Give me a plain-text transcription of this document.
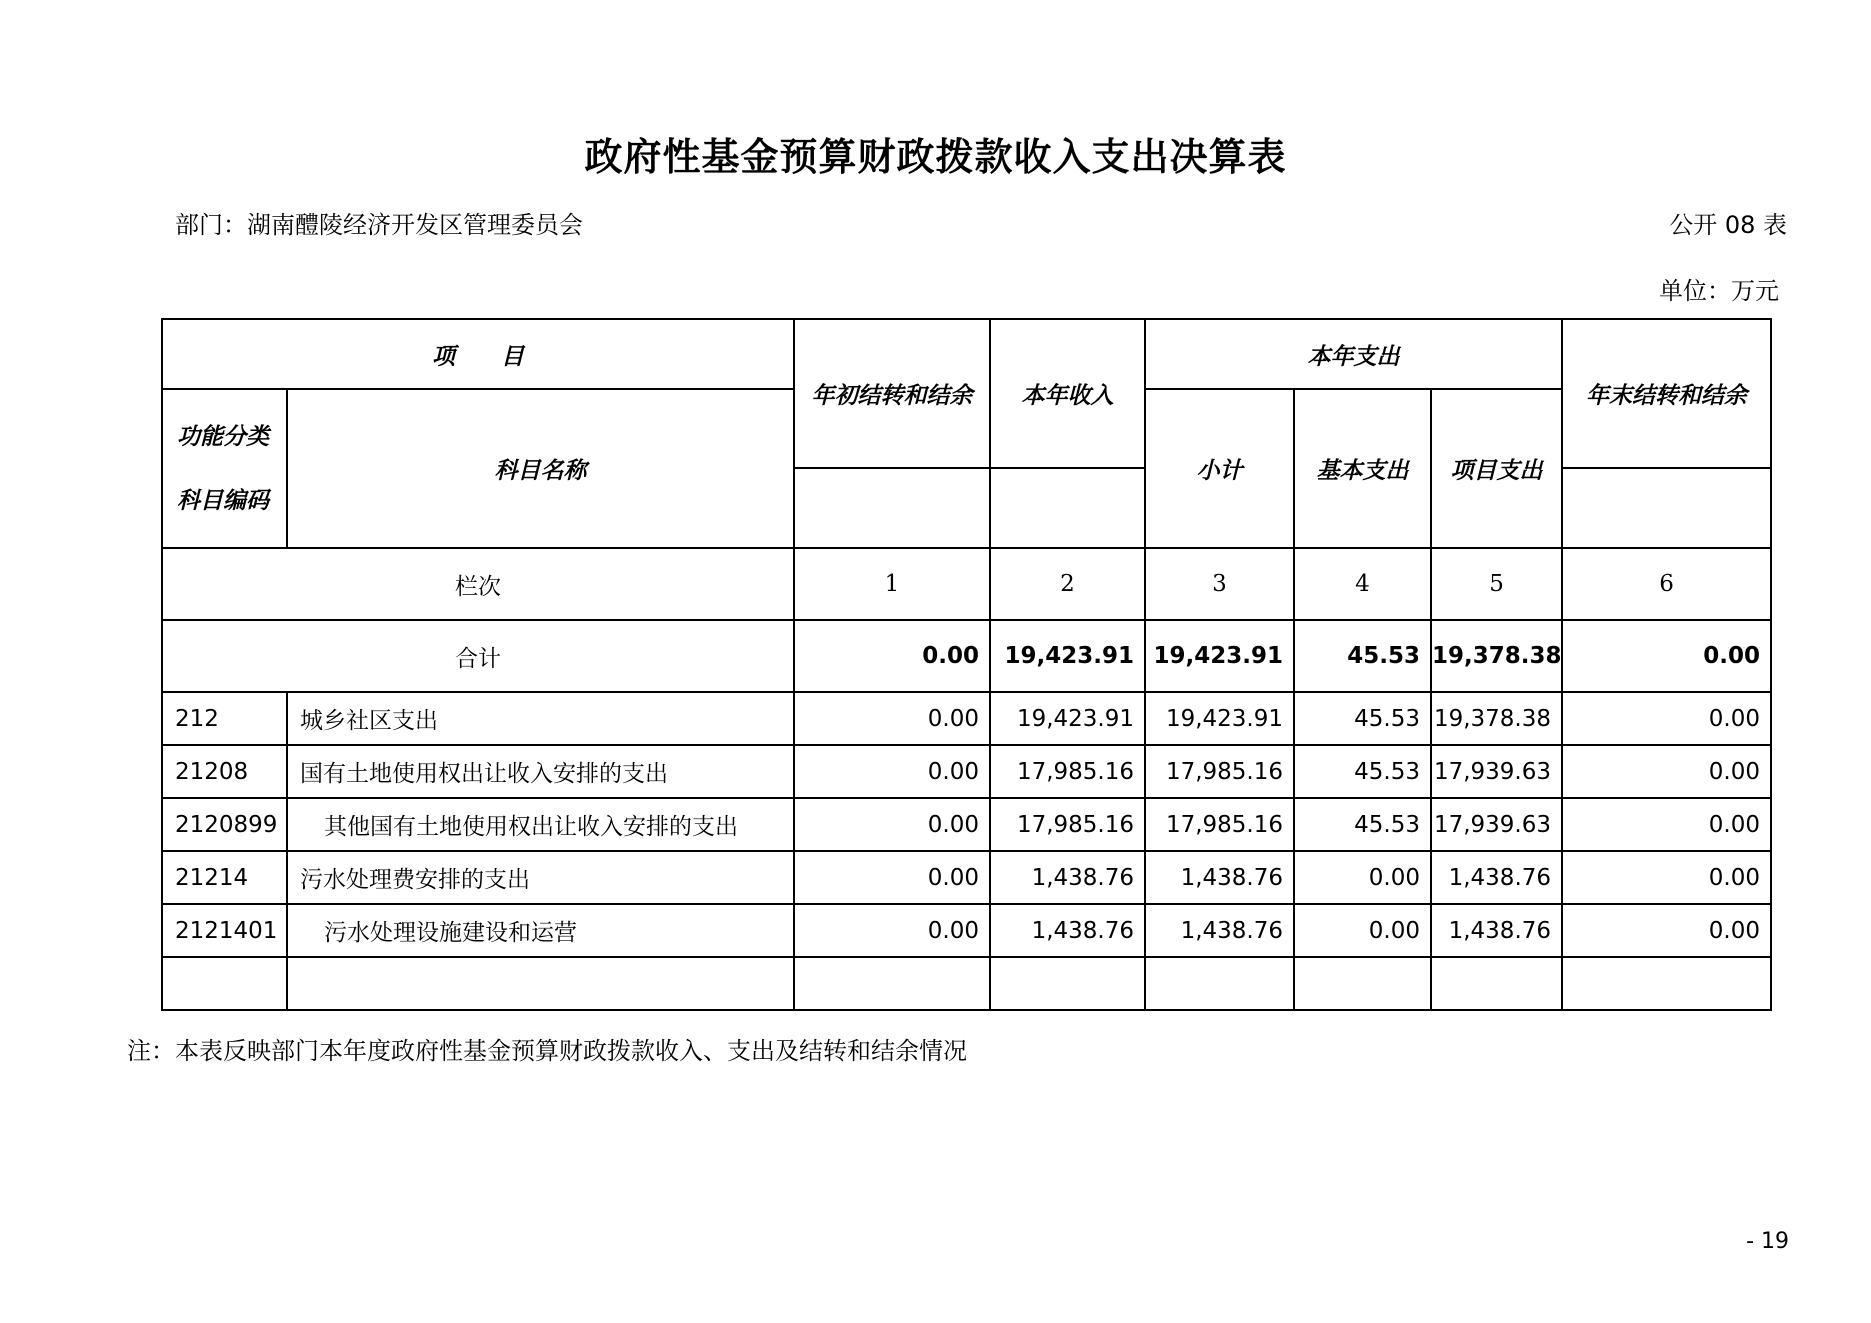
政府性基金预算财政拨款收入支出决算表
部门：湖南醴陵经济开发区管理委员会	公开 08 表
单位：万元
项　　目		年初结转和结余	本年收入	本年支出			年末结转和结余

功能分类
科目编码	科目名称			小计	基本支出	项目支出	

栏次		1	2	3	4	5	6
合计		0.00	19,423.91	19,423.91	45.53	19,378.38	0.00
212	城乡社区支出	0.00	19,423.91	19,423.91	45.53	19,378.38	0.00
21208	国有土地使用权出让收入安排的支出	0.00	17,985.16	17,985.16	45.53	17,939.63	0.00
2120899	其他国有土地使用权出让收入安排的支出	0.00	17,985.16	17,985.16	45.53	17,939.63	0.00
21214	污水处理费安排的支出	0.00	1,438.76	1,438.76	0.00	1,438.76	0.00
2121401	污水处理设施建设和运营	0.00	1,438.76	1,438.76	0.00	1,438.76	0.00

注：本表反映部门本年度政府性基金预算财政拨款收入、支出及结转和结余情况
- 19
